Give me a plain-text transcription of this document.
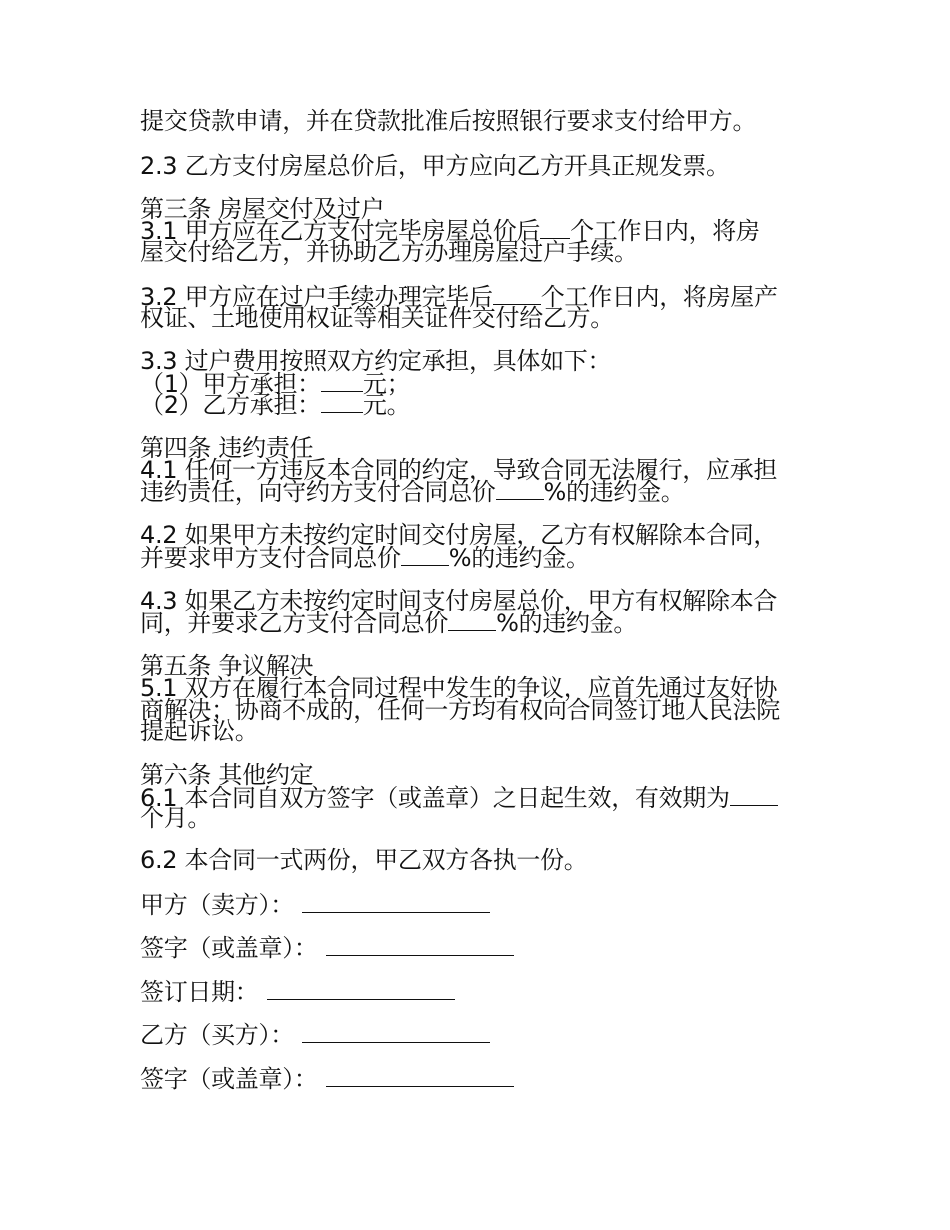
提交贷款申请，并在贷款批准后按照银行要求支付给甲方。
2.3 乙方支付房屋总价后，甲方应向乙方开具正规发票。
第三条 房屋交付及过户
3.1 甲方应在乙方支付完毕房屋总价后 个工作日内，将房
屋交付给乙方，并协助乙方办理房屋过户手续。
3.2 甲方应在过户手续办理完毕后 个工作日内，将房屋产
权证、土地使用权证等相关证件交付给乙方。
3.3 过户费用按照双方约定承担，具体如下：
（1）甲方承担： 元；
（2）乙方承担： 元。
第四条 违约责任
4.1 任何一方违反本合同的约定，导致合同无法履行，应承担
违约责任，向守约方支付合同总价 %的违约金。
4.2 如果甲方未按约定时间交付房屋，乙方有权解除本合同，
并要求甲方支付合同总价 %的违约金。
4.3 如果乙方未按约定时间支付房屋总价，甲方有权解除本合
同，并要求乙方支付合同总价 %的违约金。
第五条 争议解决
5.1 双方在履行本合同过程中发生的争议，应首先通过友好协
商解决；协商不成的，任何一方均有权向合同签订地人民法院
提起诉讼。
第六条 其他约定
6.1 本合同自双方签字（或盖章）之日起生效，有效期为
个月。
6.2 本合同一式两份，甲乙双方各执一份。
甲方（卖方）：
签字（或盖章）：
签订日期：
乙方（买方）：
签字（或盖章）：
